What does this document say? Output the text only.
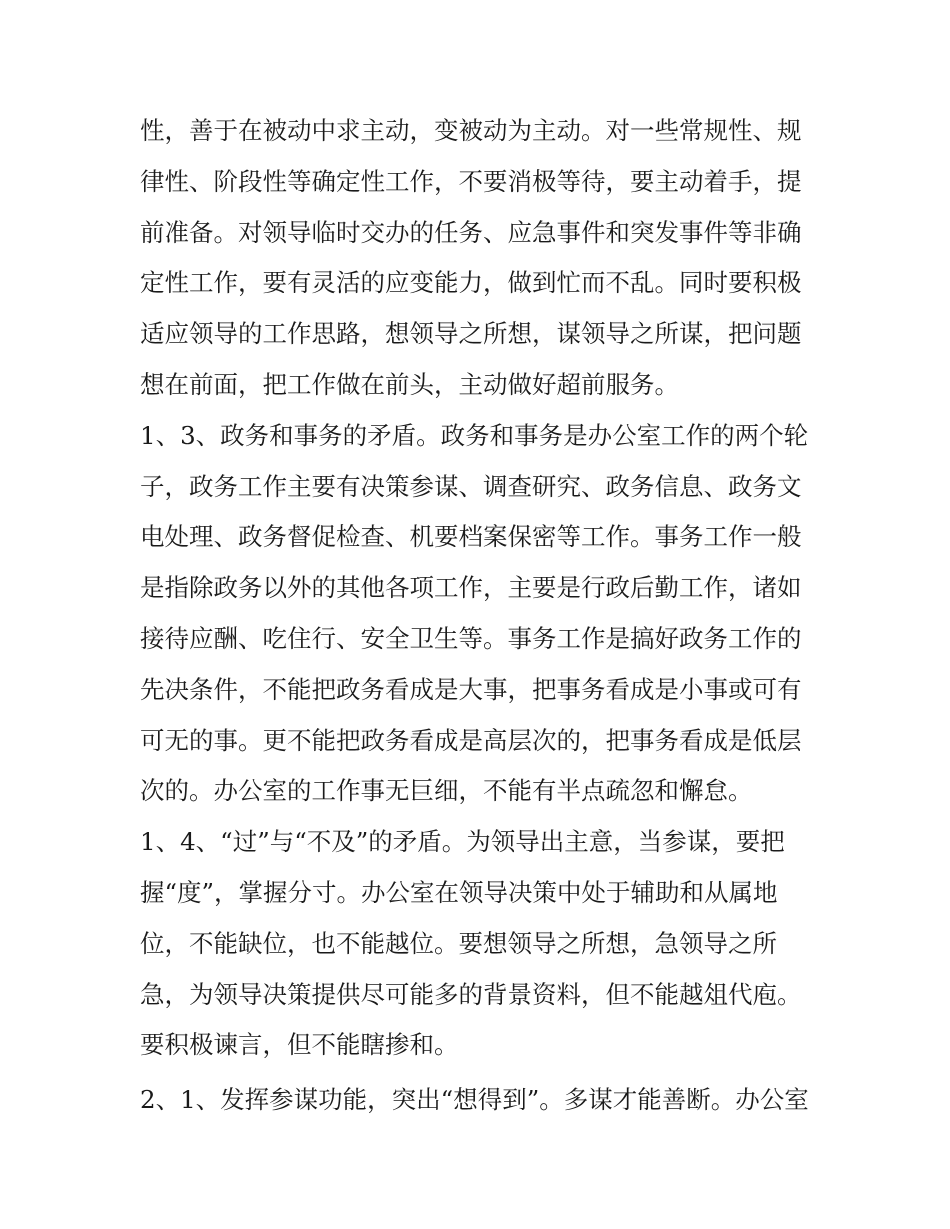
性，善于在被动中求主动，变被动为主动。对一些常规性、规
律性、阶段性等确定性工作，不要消极等待，要主动着手，提
前准备。对领导临时交办的任务、应急事件和突发事件等非确
定性工作，要有灵活的应变能力，做到忙而不乱。同时要积极
适应领导的工作思路，想领导之所想，谋领导之所谋，把问题
想在前面，把工作做在前头，主动做好超前服务。
1、3、政务和事务的矛盾。政务和事务是办公室工作的两个轮
子，政务工作主要有决策参谋、调查研究、政务信息、政务文
电处理、政务督促检查、机要档案保密等工作。事务工作一般
是指除政务以外的其他各项工作，主要是行政后勤工作，诸如
接待应酬、吃住行、安全卫生等。事务工作是搞好政务工作的
先决条件，不能把政务看成是大事，把事务看成是小事或可有
可无的事。更不能把政务看成是高层次的，把事务看成是低层
次的。办公室的工作事无巨细，不能有半点疏忽和懈怠。
1、4、“过”与“不及”的矛盾。为领导出主意，当参谋，要把
握“度”，掌握分寸。办公室在领导决策中处于辅助和从属地
位，不能缺位，也不能越位。要想领导之所想，急领导之所
急，为领导决策提供尽可能多的背景资料，但不能越俎代庖。
要积极谏言，但不能瞎掺和。
2、1、发挥参谋功能，突出“想得到”。多谋才能善断。办公室
